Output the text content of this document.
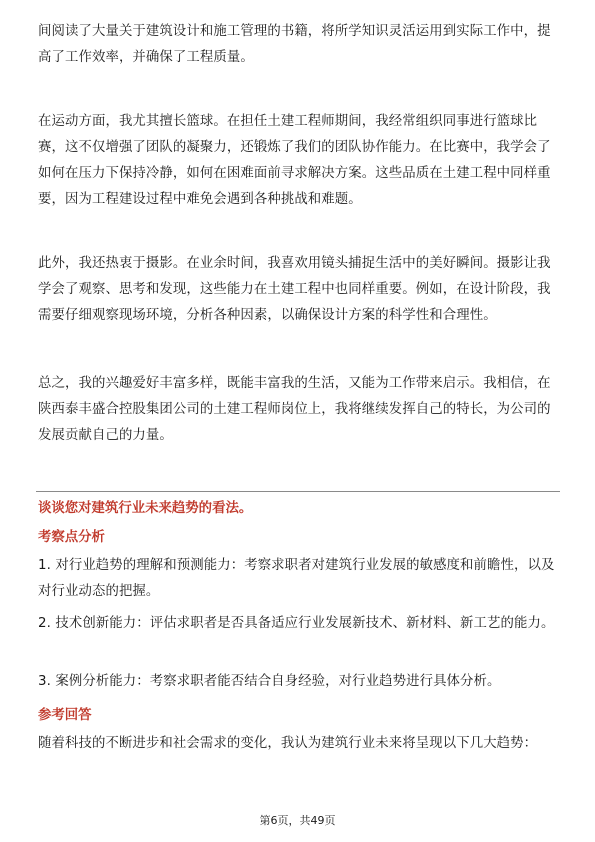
间阅读了大量关于建筑设计和施工管理的书籍，将所学知识灵活运用到实际工作中，提高了工作效率，并确保了工程质量。

在运动方面，我尤其擅长篮球。在担任土建工程师期间，我经常组织同事进行篮球比赛，这不仅增强了团队的凝聚力，还锻炼了我们的团队协作能力。在比赛中，我学会了如何在压力下保持冷静，如何在困难面前寻求解决方案。这些品质在土建工程中同样重要，因为工程建设过程中难免会遇到各种挑战和难题。

此外，我还热衷于摄影。在业余时间，我喜欢用镜头捕捉生活中的美好瞬间。摄影让我学会了观察、思考和发现，这些能力在土建工程中也同样重要。例如，在设计阶段，我需要仔细观察现场环境，分析各种因素，以确保设计方案的科学性和合理性。

总之，我的兴趣爱好丰富多样，既能丰富我的生活，又能为工作带来启示。我相信，在陕西泰丰盛合控股集团公司的土建工程师岗位上，我将继续发挥自己的特长，为公司的发展贡献自己的力量。

谈谈您对建筑行业未来趋势的看法。

考察点分析

1. 对行业趋势的理解和预测能力：考察求职者对建筑行业发展的敏感度和前瞻性，以及对行业动态的把握。

2. 技术创新能力：评估求职者是否具备适应行业发展新技术、新材料、新工艺的能力。

3. 案例分析能力：考察求职者能否结合自身经验，对行业趋势进行具体分析。

参考回答

随着科技的不断进步和社会需求的变化，我认为建筑行业未来将呈现以下几大趋势：

第6页，共49页
